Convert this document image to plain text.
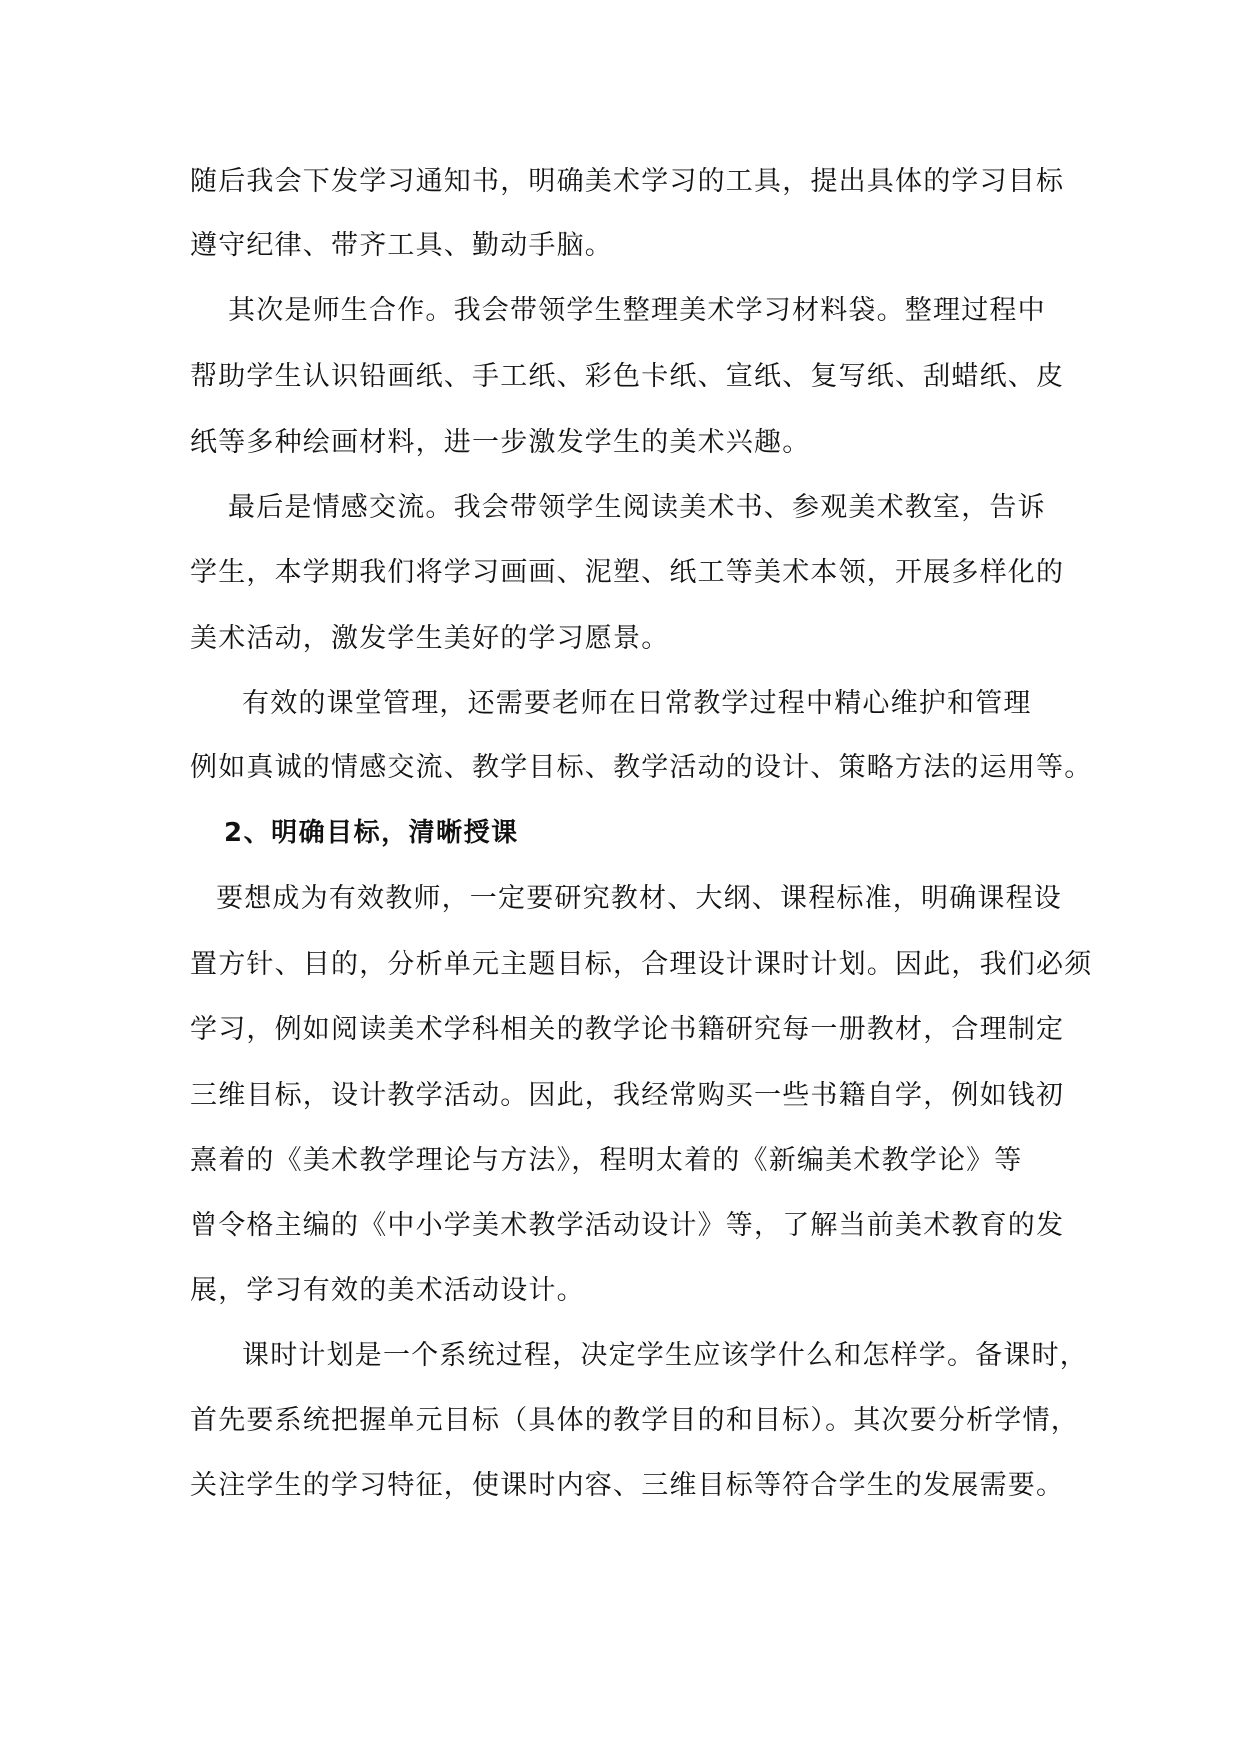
随后我会下发学习通知书，明确美术学习的工具，提出具体的学习目标
遵守纪律、带齐工具、勤动手脑。
其次是师生合作。我会带领学生整理美术学习材料袋。整理过程中
帮助学生认识铅画纸、手工纸、彩色卡纸、宣纸、复写纸、刮蜡纸、皮
纸等多种绘画材料，进一步激发学生的美术兴趣。
最后是情感交流。我会带领学生阅读美术书、参观美术教室，告诉
学生，本学期我们将学习画画、泥塑、纸工等美术本领，开展多样化的
美术活动，激发学生美好的学习愿景。
有效的课堂管理，还需要老师在日常教学过程中精心维护和管理
例如真诚的情感交流、教学目标、教学活动的设计、策略方法的运用等。
2、明确目标，清晰授课
要想成为有效教师，一定要研究教材、大纲、课程标准，明确课程设
置方针、目的，分析单元主题目标，合理设计课时计划。因此，我们必须
学习，例如阅读美术学科相关的教学论书籍研究每一册教材，合理制定
三维目标，设计教学活动。因此，我经常购买一些书籍自学，例如钱初
熹着的《美术教学理论与方法》，程明太着的《新编美术教学论》等
曾令格主编的《中小学美术教学活动设计》等，了解当前美术教育的发
展，学习有效的美术活动设计。
课时计划是一个系统过程，决定学生应该学什么和怎样学。备课时，
首先要系统把握单元目标（具体的教学目的和目标）。其次要分析学情，
关注学生的学习特征，使课时内容、三维目标等符合学生的发展需要。
